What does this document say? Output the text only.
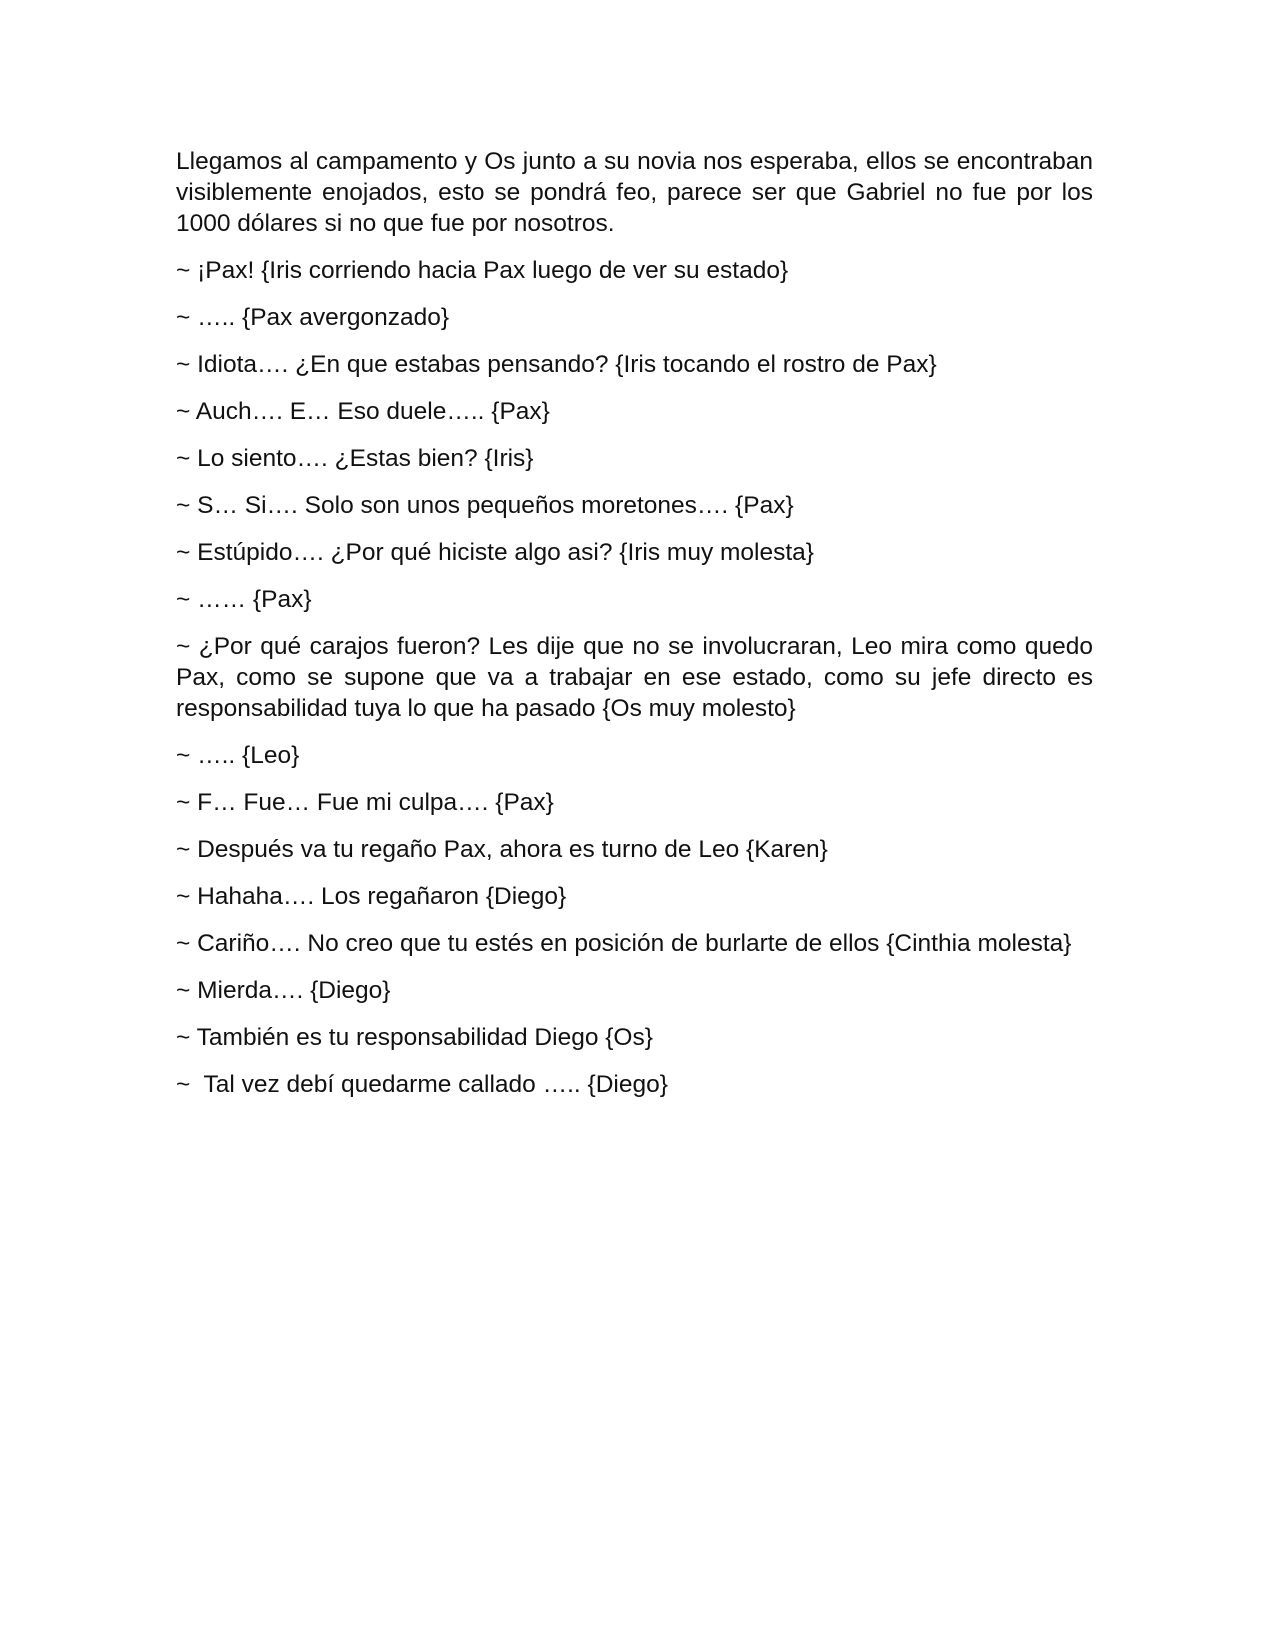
Llegamos al campamento y Os junto a su novia nos esperaba, ellos se encontraban visiblemente enojados, esto se pondrá feo, parece ser que Gabriel no fue por los 1000 dólares si no que fue por nosotros.

~ ¡Pax! {Iris corriendo hacia Pax luego de ver su estado}

~ ….. {Pax avergonzado}

~ Idiota…. ¿En que estabas pensando? {Iris tocando el rostro de Pax}

~ Auch…. E… Eso duele….. {Pax}

~ Lo siento…. ¿Estas bien? {Iris}

~ S… Si…. Solo son unos pequeños moretones…. {Pax}

~ Estúpido…. ¿Por qué hiciste algo asi? {Iris muy molesta}

~ …… {Pax}

~ ¿Por qué carajos fueron? Les dije que no se involucraran, Leo mira como quedo Pax, como se supone que va a trabajar en ese estado, como su jefe directo es responsabilidad tuya lo que ha pasado {Os muy molesto}

~ ….. {Leo}

~ F… Fue… Fue mi culpa…. {Pax}

~ Después va tu regaño Pax, ahora es turno de Leo {Karen}

~ Hahaha…. Los regañaron {Diego}

~ Cariño…. No creo que tu estés en posición de burlarte de ellos {Cinthia molesta}

~ Mierda…. {Diego}

~ También es tu responsabilidad Diego {Os}

~  Tal vez debí quedarme callado ….. {Diego}
